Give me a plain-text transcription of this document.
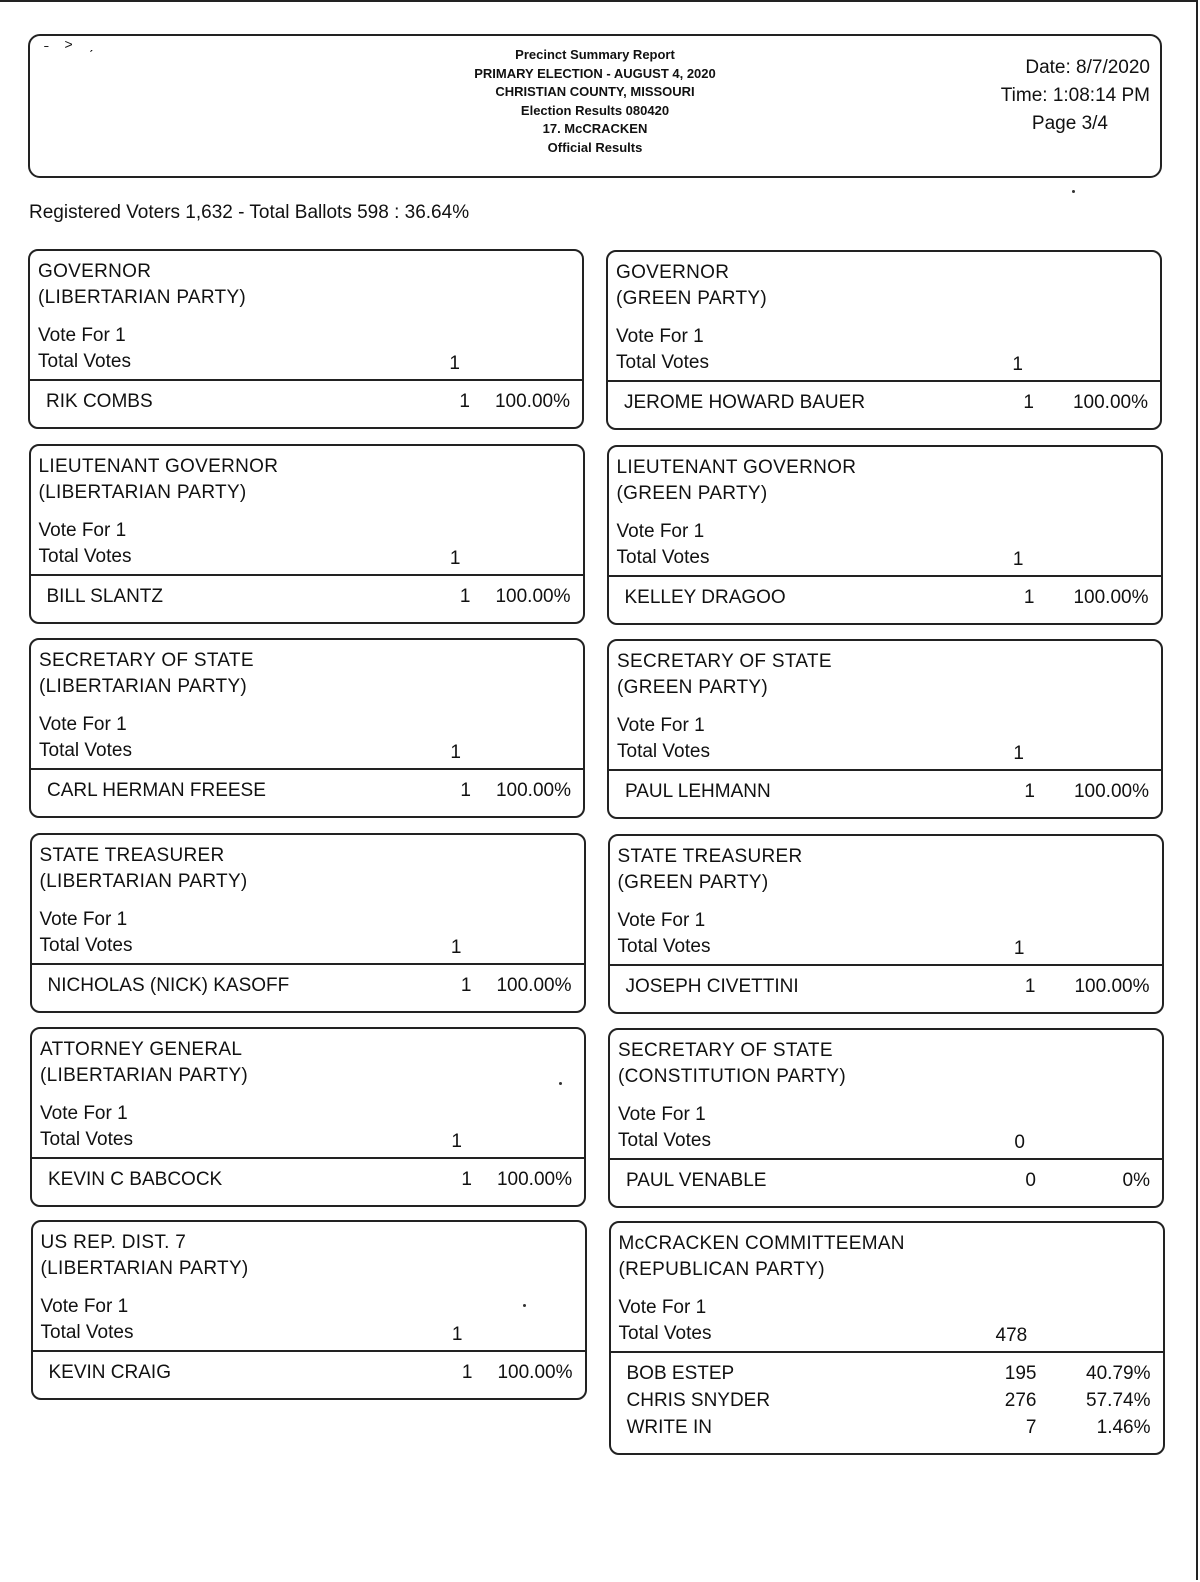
˗ ˃ ˏ
Precinct Summary Report
PRIMARY ELECTION - AUGUST 4, 2020
CHRISTIAN COUNTY, MISSOURI
Election Results 080420
17. McCRACKEN
Official Results
Date: 8/7/2020
Time: 1:08:14 PM
Page 3/4
Registered Voters 1,632 - Total Ballots 598 : 36.64%
GOVERNOR
(LIBERTARIAN PARTY)
Vote For 1
Total Votes	1
RIK COMBS	1	100.00%
GOVERNOR
(GREEN PARTY)
Vote For 1
Total Votes	1
JEROME HOWARD BAUER	1	100.00%
LIEUTENANT GOVERNOR
(LIBERTARIAN PARTY)
Vote For 1
Total Votes	1
BILL SLANTZ	1	100.00%
LIEUTENANT GOVERNOR
(GREEN PARTY)
Vote For 1
Total Votes	1
KELLEY DRAGOO	1	100.00%
SECRETARY OF STATE
(LIBERTARIAN PARTY)
Vote For 1
Total Votes	1
CARL HERMAN FREESE	1	100.00%
SECRETARY OF STATE
(GREEN PARTY)
Vote For 1
Total Votes	1
PAUL LEHMANN	1	100.00%
STATE TREASURER
(LIBERTARIAN PARTY)
Vote For 1
Total Votes	1
NICHOLAS (NICK) KASOFF	1	100.00%
STATE TREASURER
(GREEN PARTY)
Vote For 1
Total Votes	1
JOSEPH CIVETTINI	1	100.00%
ATTORNEY GENERAL
(LIBERTARIAN PARTY)
Vote For 1
Total Votes	1
KEVIN C BABCOCK	1	100.00%
SECRETARY OF STATE
(CONSTITUTION PARTY)
Vote For 1
Total Votes	0
PAUL VENABLE	0	0%
US REP. DIST. 7
(LIBERTARIAN PARTY)
Vote For 1
Total Votes	1
KEVIN CRAIG	1	100.00%
McCRACKEN COMMITTEEMAN
(REPUBLICAN PARTY)
Vote For 1
Total Votes	478
BOB ESTEP	195	40.79%
CHRIS SNYDER	276	57.74%
WRITE IN	7	1.46%
